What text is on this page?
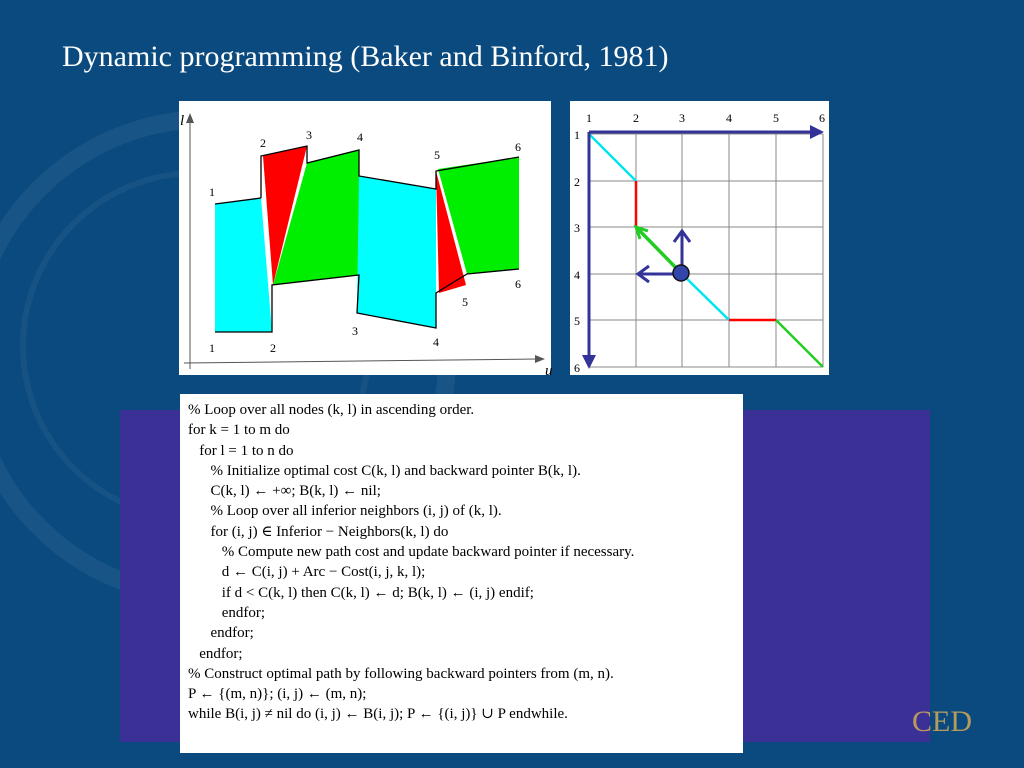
Dynamic programming (Baker and Binford, 1981)
CED
l
u
1
2
3	4
5
6
1	2
3
4
5
6
1	2	3	4	5	6
1
2
3
4
5
6
% Loop over all nodes (k, l) in ascending order.
for k = 1 to m do
for l = 1 to n do
% Initialize optimal cost C(k, l) and backward pointer B(k, l).
C(k, l) ← +∞; B(k, l) ← nil;
% Loop over all inferior neighbors (i, j) of (k, l).
for (i, j) ∈ Inferior − Neighbors(k, l) do
% Compute new path cost and update backward pointer if necessary.
d ← C(i, j) + Arc − Cost(i, j, k, l);
if d < C(k, l) then C(k, l) ← d; B(k, l) ← (i, j) endif;
endfor;
endfor;
endfor;
% Construct optimal path by following backward pointers from (m, n).
P ← {(m, n)}; (i, j) ← (m, n);
while B(i, j) ≠ nil do (i, j) ← B(i, j); P ← {(i, j)} ∪ P endwhile.
